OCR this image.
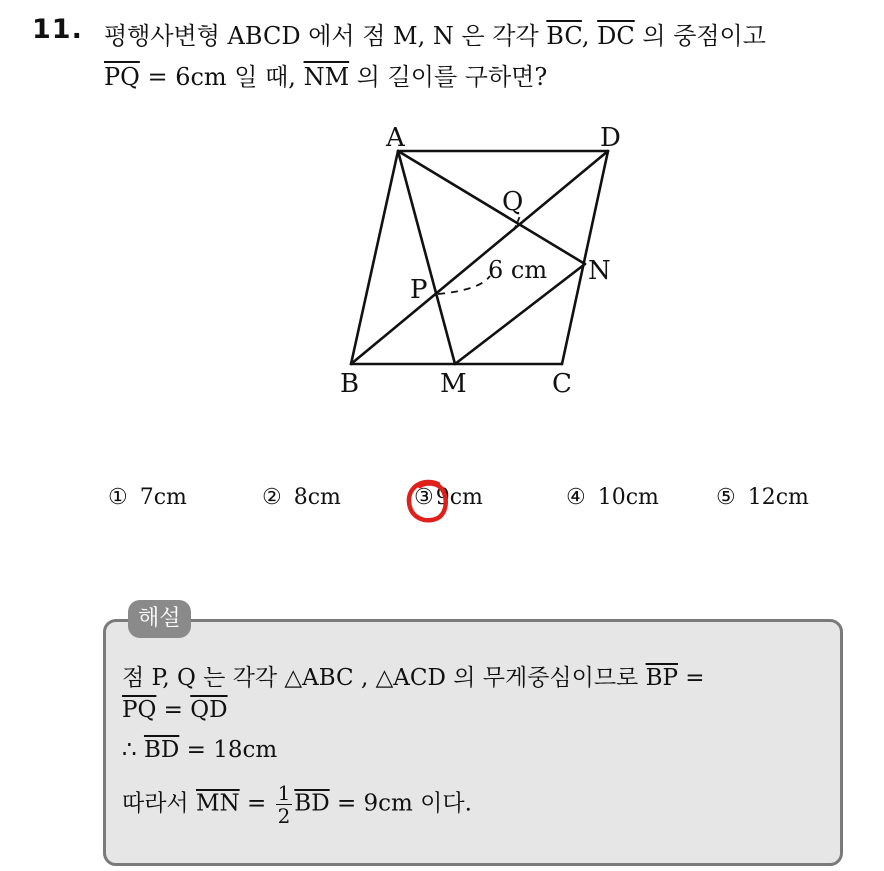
11. 평행사변형 ABCD 에서 점 M, N 은 각각 $\overline{BC}$, $\overline{DC}$ 의 중점이고
$\overline{PQ} = 6cm$ 일 때, $\overline{NM}$ 의 길이를 구하면?
A	D
Q
N
P
B	M	C
6 cm
① 7cm	② 8cm	③9cm	④ 10cm	⑤ 12cm
해설
점 P, Q 는 각각 △ABC , △ACD 의 무게중심이므로 $\overline{BP}$ =
$\overline{PQ} = \overline{QD}$
∴ $\overline{BD} = 18cm$
따라서 $\overline{MN} = \frac{1}{2} \overline{BD} = 9cm$ 이다.
